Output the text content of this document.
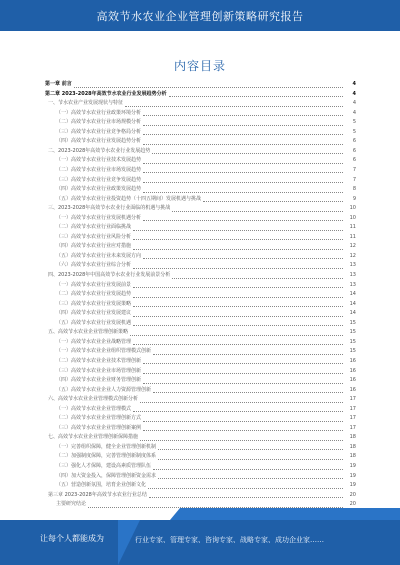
高效节水农业企业管理创新策略研究报告
内容目录
第一章 前言	4
第二章 2023-2028年高效节水农业行业发展趋势分析	4
一、节水农业产业发展现状与特征	4
（一）高效节水农业行业政策环境分析	4
（二）高效节水农业行业市场规模分析	5
（三）高效节水农业行业竞争格局分析	5
（四）高效节水农业行业发展趋势分析	6
二、2023-2028年高效节水农业行业发展趋势	6
（一）高效节水农业行业技术发展趋势	6
（二）高效节水农业行业市场发展趋势	7
（三）高效节水农业行业竞争发展趋势	7
（四）高效节水农业行业政策发展趋势	8
（五）高效节水农业行业投资趋势（十四五期间）发展机遇与挑战	9
三、2023-2028年高效节水农业行业面临的机遇与挑战	10
（一）高效节水农业行业发展机遇分析	10
（二）高效节水农业行业面临挑战	11
（三）高效节水农业行业风险分析	11
（四）高效节水农业行业应对措施	12
（五）高效节水农业行业未来发展方向	12
（六）高效节水农业行业综合分析	13
四、2023-2028年中国高效节水农业行业发展前景分析	13
（一）高效节水农业行业发展前景	13
（二）高效节水农业行业发展趋势	14
（三）高效节水农业行业发展策略	14
（四）高效节水农业行业发展建议	14
（五）高效节水农业行业发展机遇	15
五、高效节水农业企业管理创新策略	15
（一）高效节水农业企业战略管理	15
（一）高效节水农业企业组织管理模式创新	15
（二）高效节水农业企业技术管理创新	16
（三）高效节水农业企业市场管理创新	16
（四）高效节水农业企业财务管理创新	16
（五）高效节水农业企业人力资源管理创新	16
六、高效节水农业企业管理模式创新分析	17
（一）高效节水农业企业管理模式	17
（二）高效节水农业企业管理创新方式	17
（三）高效节水农业企业管理创新案例	17
七、高效节水农业企业管理创新保障措施	18
（一）完善组织保障，健全企业管理创新机制	18
（二）加强制度保障，完善管理创新制度体系	18
（三）强化人才保障，建设高素质管理队伍	19
（四）加大资金投入，保障管理创新资金需求	19
（五）营造创新氛围，培育企业创新文化	19
第三章 2023-2028年高效节水农业行业总结	20
主要研究结论	20
让每个人都能成为	行业专家、管理专家、咨询专家、战略专家、成功企业家……
